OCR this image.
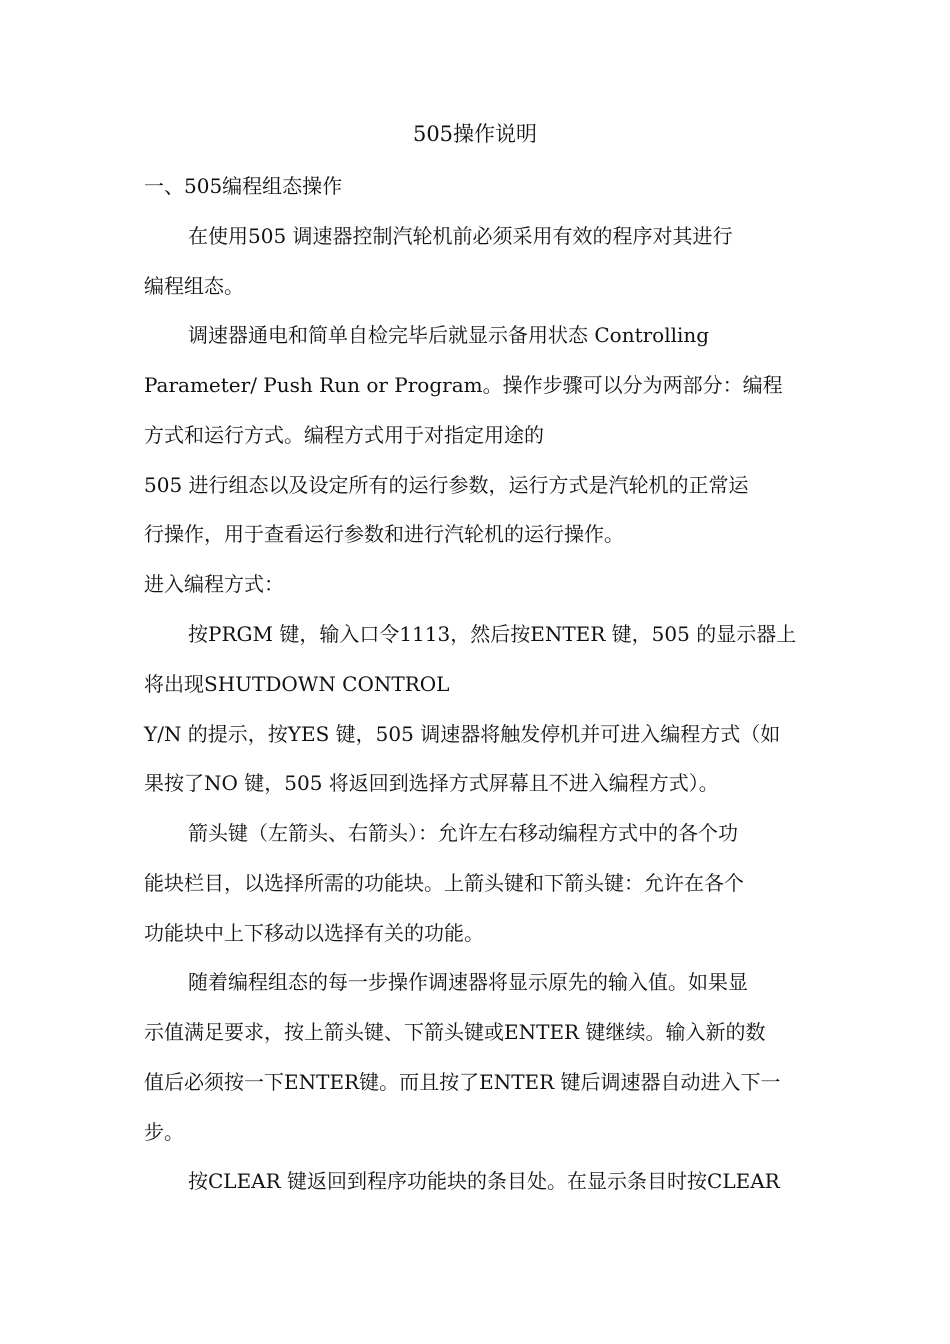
505操作说明
一、505编程组态操作
在使用505 调速器控制汽轮机前必须采用有效的程序对其进行
编程组态。
调速器通电和简单自检完毕后就显示备用状态 Controlling
Parameter/ Push Run or Program。操作步骤可以分为两部分：编程
方式和运行方式。编程方式用于对指定用途的
505 进行组态以及设定所有的运行参数，运行方式是汽轮机的正常运
行操作，用于查看运行参数和进行汽轮机的运行操作。
进入编程方式：
按PRGM 键，输入口令1113，然后按ENTER 键，505 的显示器上
将出现SHUTDOWN CONTROL
Y/N 的提示，按YES 键，505 调速器将触发停机并可进入编程方式（如
果按了NO 键，505 将返回到选择方式屏幕且不进入编程方式）。
箭头键（左箭头、右箭头）：允许左右移动编程方式中的各个功
能块栏目，以选择所需的功能块。上箭头键和下箭头键：允许在各个
功能块中上下移动以选择有关的功能。
随着编程组态的每一步操作调速器将显示原先的输入值。如果显
示值满足要求，按上箭头键、下箭头键或ENTER 键继续。输入新的数
值后必须按一下ENTER键。而且按了ENTER 键后调速器自动进入下一
步。
按CLEAR 键返回到程序功能块的条目处。在显示条目时按CLEAR
